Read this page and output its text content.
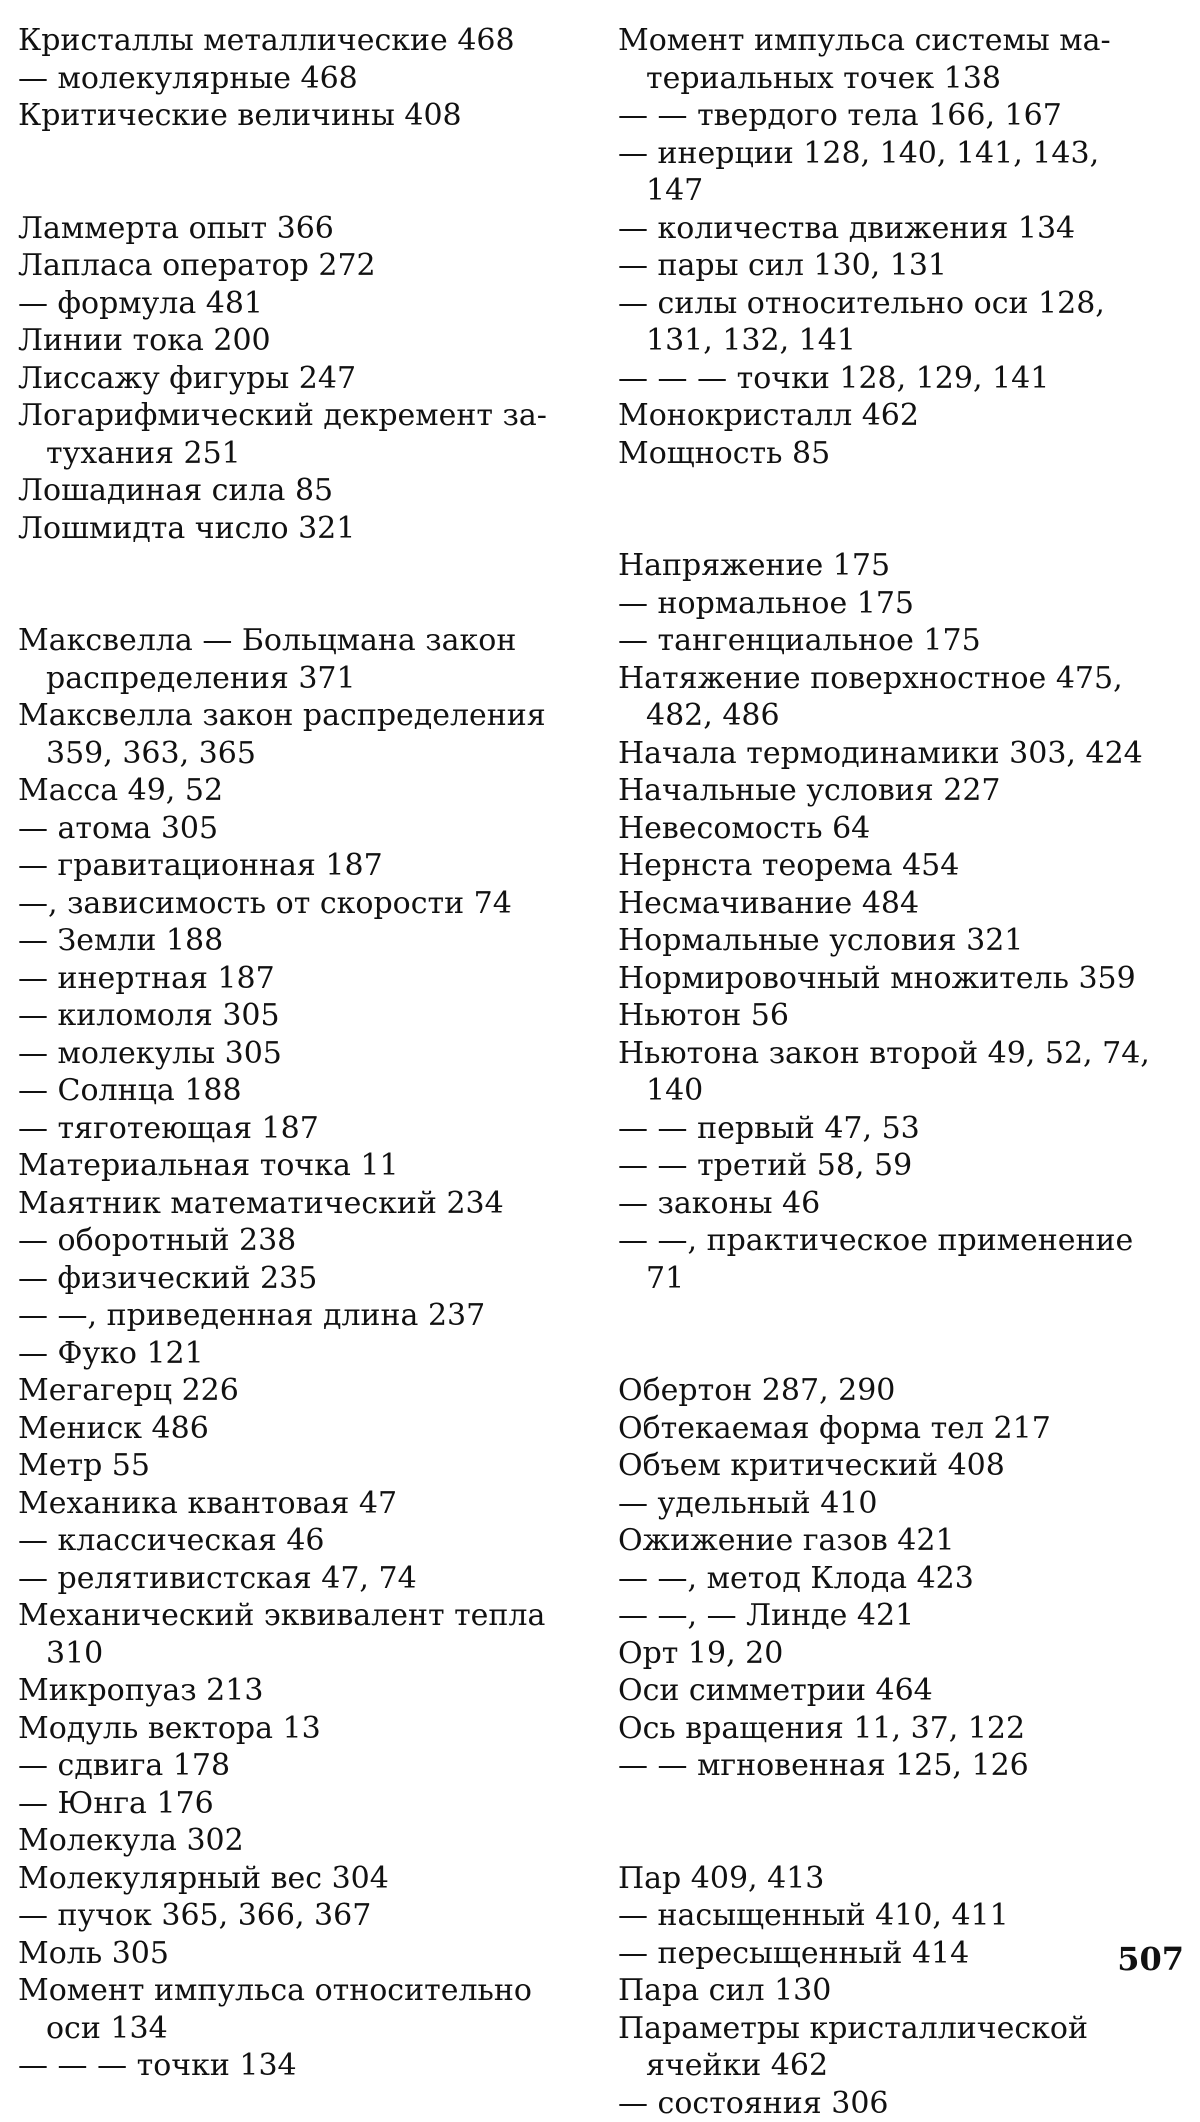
Кристаллы металлические 468
— молекулярные 468
Критические величины 408
Ламмерта опыт 366
Лапласа оператор 272
— формула 481
Линии тока 200
Лиссажу фигуры 247
Логарифмический декремент за-
тухания 251
Лошадиная сила 85
Лошмидта число 321
Максвелла — Больцмана закон
распределения 371
Максвелла закон распределения
359, 363, 365
Масса 49, 52
— атома 305
— гравитационная 187
—, зависимость от скорости 74
— Земли 188
— инертная 187
— киломоля 305
— молекулы 305
— Солнца 188
— тяготеющая 187
Материальная точка 11
Маятник математический 234
— оборотный 238
— физический 235
— —, приведенная длина 237
— Фуко 121
Мегагерц 226
Мениск 486
Метр 55
Механика квантовая 47
— классическая 46
— релятивистская 47, 74
Механический эквивалент тепла
310
Микропуаз 213
Модуль вектора 13
— сдвига 178
— Юнга 176
Молекула 302
Молекулярный вес 304
— пучок 365, 366, 367
Моль 305
Момент импульса относительно
оси 134
— — — точки 134
Момент импульса системы ма-
териальных точек 138
— — твердого тела 166, 167
— инерции 128, 140, 141, 143,
147
— количества движения 134
— пары сил 130, 131
— силы относительно оси 128,
131, 132, 141
— — — точки 128, 129, 141
Монокристалл 462
Мощность 85
Напряжение 175
— нормальное 175
— тангенциальное 175
Натяжение поверхностное 475,
482, 486
Начала термодинамики 303, 424
Начальные условия 227
Невесомость 64
Нернста теорема 454
Несмачивание 484
Нормальные условия 321
Нормировочный множитель 359
Ньютон 56
Ньютона закон второй 49, 52, 74,
140
— — первый 47, 53
— — третий 58, 59
— законы 46
— —, практическое применение
71
Обертон 287, 290
Обтекаемая форма тел 217
Объем критический 408
— удельный 410
Ожижение газов 421
— —, метод Клода 423
— —, — Линде 421
Орт 19, 20
Оси симметрии 464
Ось вращения 11, 37, 122
— — мгновенная 125, 126
Пар 409, 413
— насыщенный 410, 411
— пересыщенный 414
Пара сил 130
Параметры кристаллической
ячейки 462
— состояния 306
507
